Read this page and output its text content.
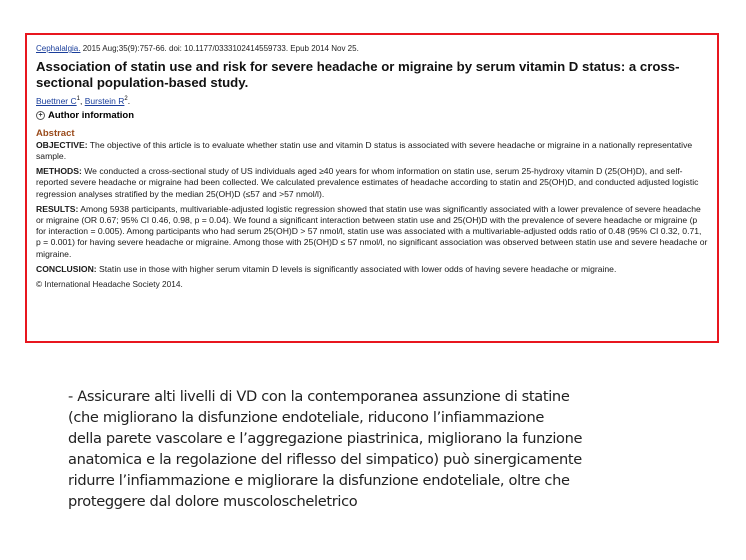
Cephalalgia. 2015 Aug;35(9):757-66. doi: 10.1177/0333102414559733. Epub 2014 Nov 25.

Association of statin use and risk for severe headache or migraine by serum vitamin D status: a cross-sectional population-based study.

Buettner $C^1$, Burstein $R^2$.

+ Author information
Abstract

OBJECTIVE: The objective of this article is to evaluate whether statin use and vitamin D status is associated with severe headache or migraine in a nationally representative sample.

METHODS: We conducted a cross-sectional study of US individuals aged ≥40 years for whom information on statin use, serum 25-hydroxy vitamin D (25(OH)D), and self-reported severe headache or migraine had been collected. We calculated prevalence estimates of headache according to statin and 25(OH)D, and conducted adjusted logistic regression analyses stratified by the median 25(OH)D (≤57 and >57 nmol/l).

RESULTS: Among 5938 participants, multivariable-adjusted logistic regression showed that statin use was significantly associated with a lower prevalence of severe headache or migraine (OR 0.67; 95% CI 0.46, 0.98, p = 0.04). We found a significant interaction between statin use and 25(OH)D with the prevalence of severe headache or migraine (p for interaction = 0.005). Among participants who had serum 25(OH)D > 57 nmol/l, statin use was associated with a multivariable-adjusted odds ratio of 0.48 (95% CI 0.32, 0.71, p = 0.001) for having severe headache or migraine. Among those with 25(OH)D ≤ 57 nmol/l, no significant association was observed between statin use and severe headache or migraine.

CONCLUSION: Statin use in those with higher serum vitamin D levels is significantly associated with lower odds of having severe headache or migraine.

© International Headache Society 2014.

- Assicurare alti livelli di VD con la contemporanea assunzione di statine
(che migliorano la disfunzione endoteliale, riducono l’infiammazione
della parete vascolare e l’aggregazione piastrinica, migliorano la funzione
anatomica e la regolazione del riflesso del simpatico) può sinergicamente
ridurre l’infiammazione e migliorare la disfunzione endoteliale, oltre che
proteggere dal dolore muscoloscheletrico
